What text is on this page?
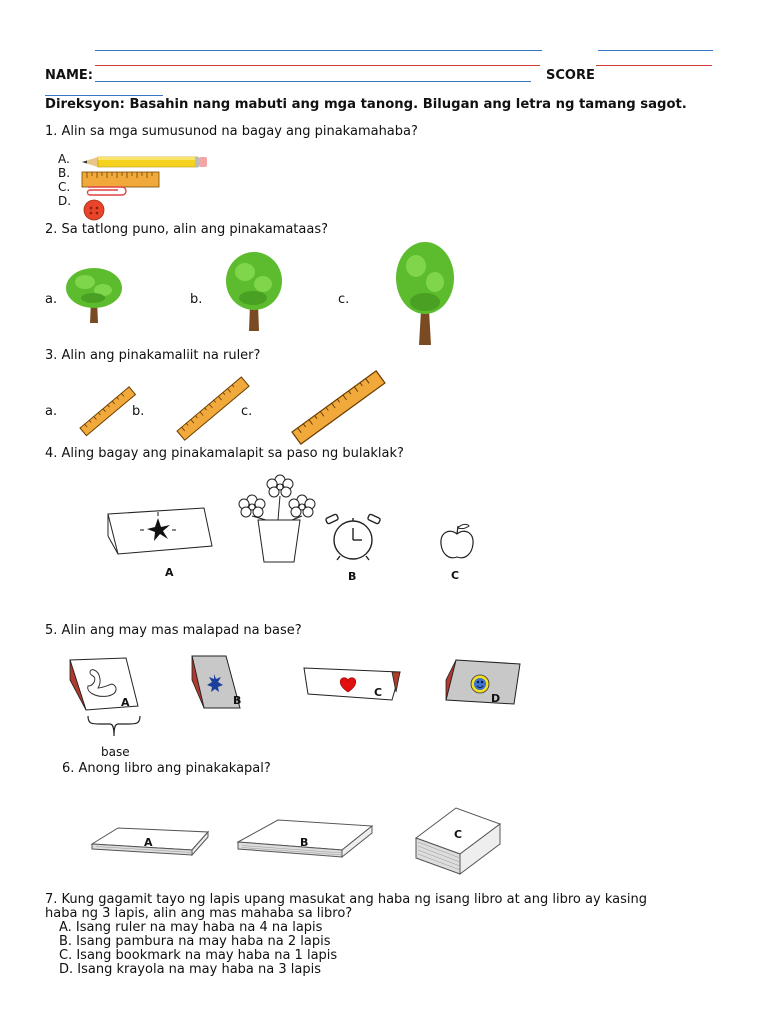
NAME:	SCORE
Direksyon: Basahin nang mabuti ang mga tanong. Bilugan ang letra ng tamang sagot.
1. Alin sa mga sumusunod na bagay ang pinakamahaba?
A.
B.
C.
D.
2. Sa tatlong puno, alin ang pinakamataas?
a.	b.	c.
3. Alin ang pinakamaliit na ruler?
a.	b.	c.
4. Aling bagay ang pinakamalapit sa paso ng bulaklak?
A	B	C
5. Alin ang may mas malapad na base?
A
base
B
C	D
6. Anong libro ang pinakakapal?
A	B
C
7. Kung gagamit tayo ng lapis upang masukat ang haba ng isang libro at ang libro ay kasing
haba ng 3 lapis, alin ang mas mahaba sa libro?
A. Isang ruler na may haba na 4 na lapis
B. Isang pambura na may haba na 2 lapis
C. Isang bookmark na may haba na 1 lapis
D. Isang krayola na may haba na 3 lapis
